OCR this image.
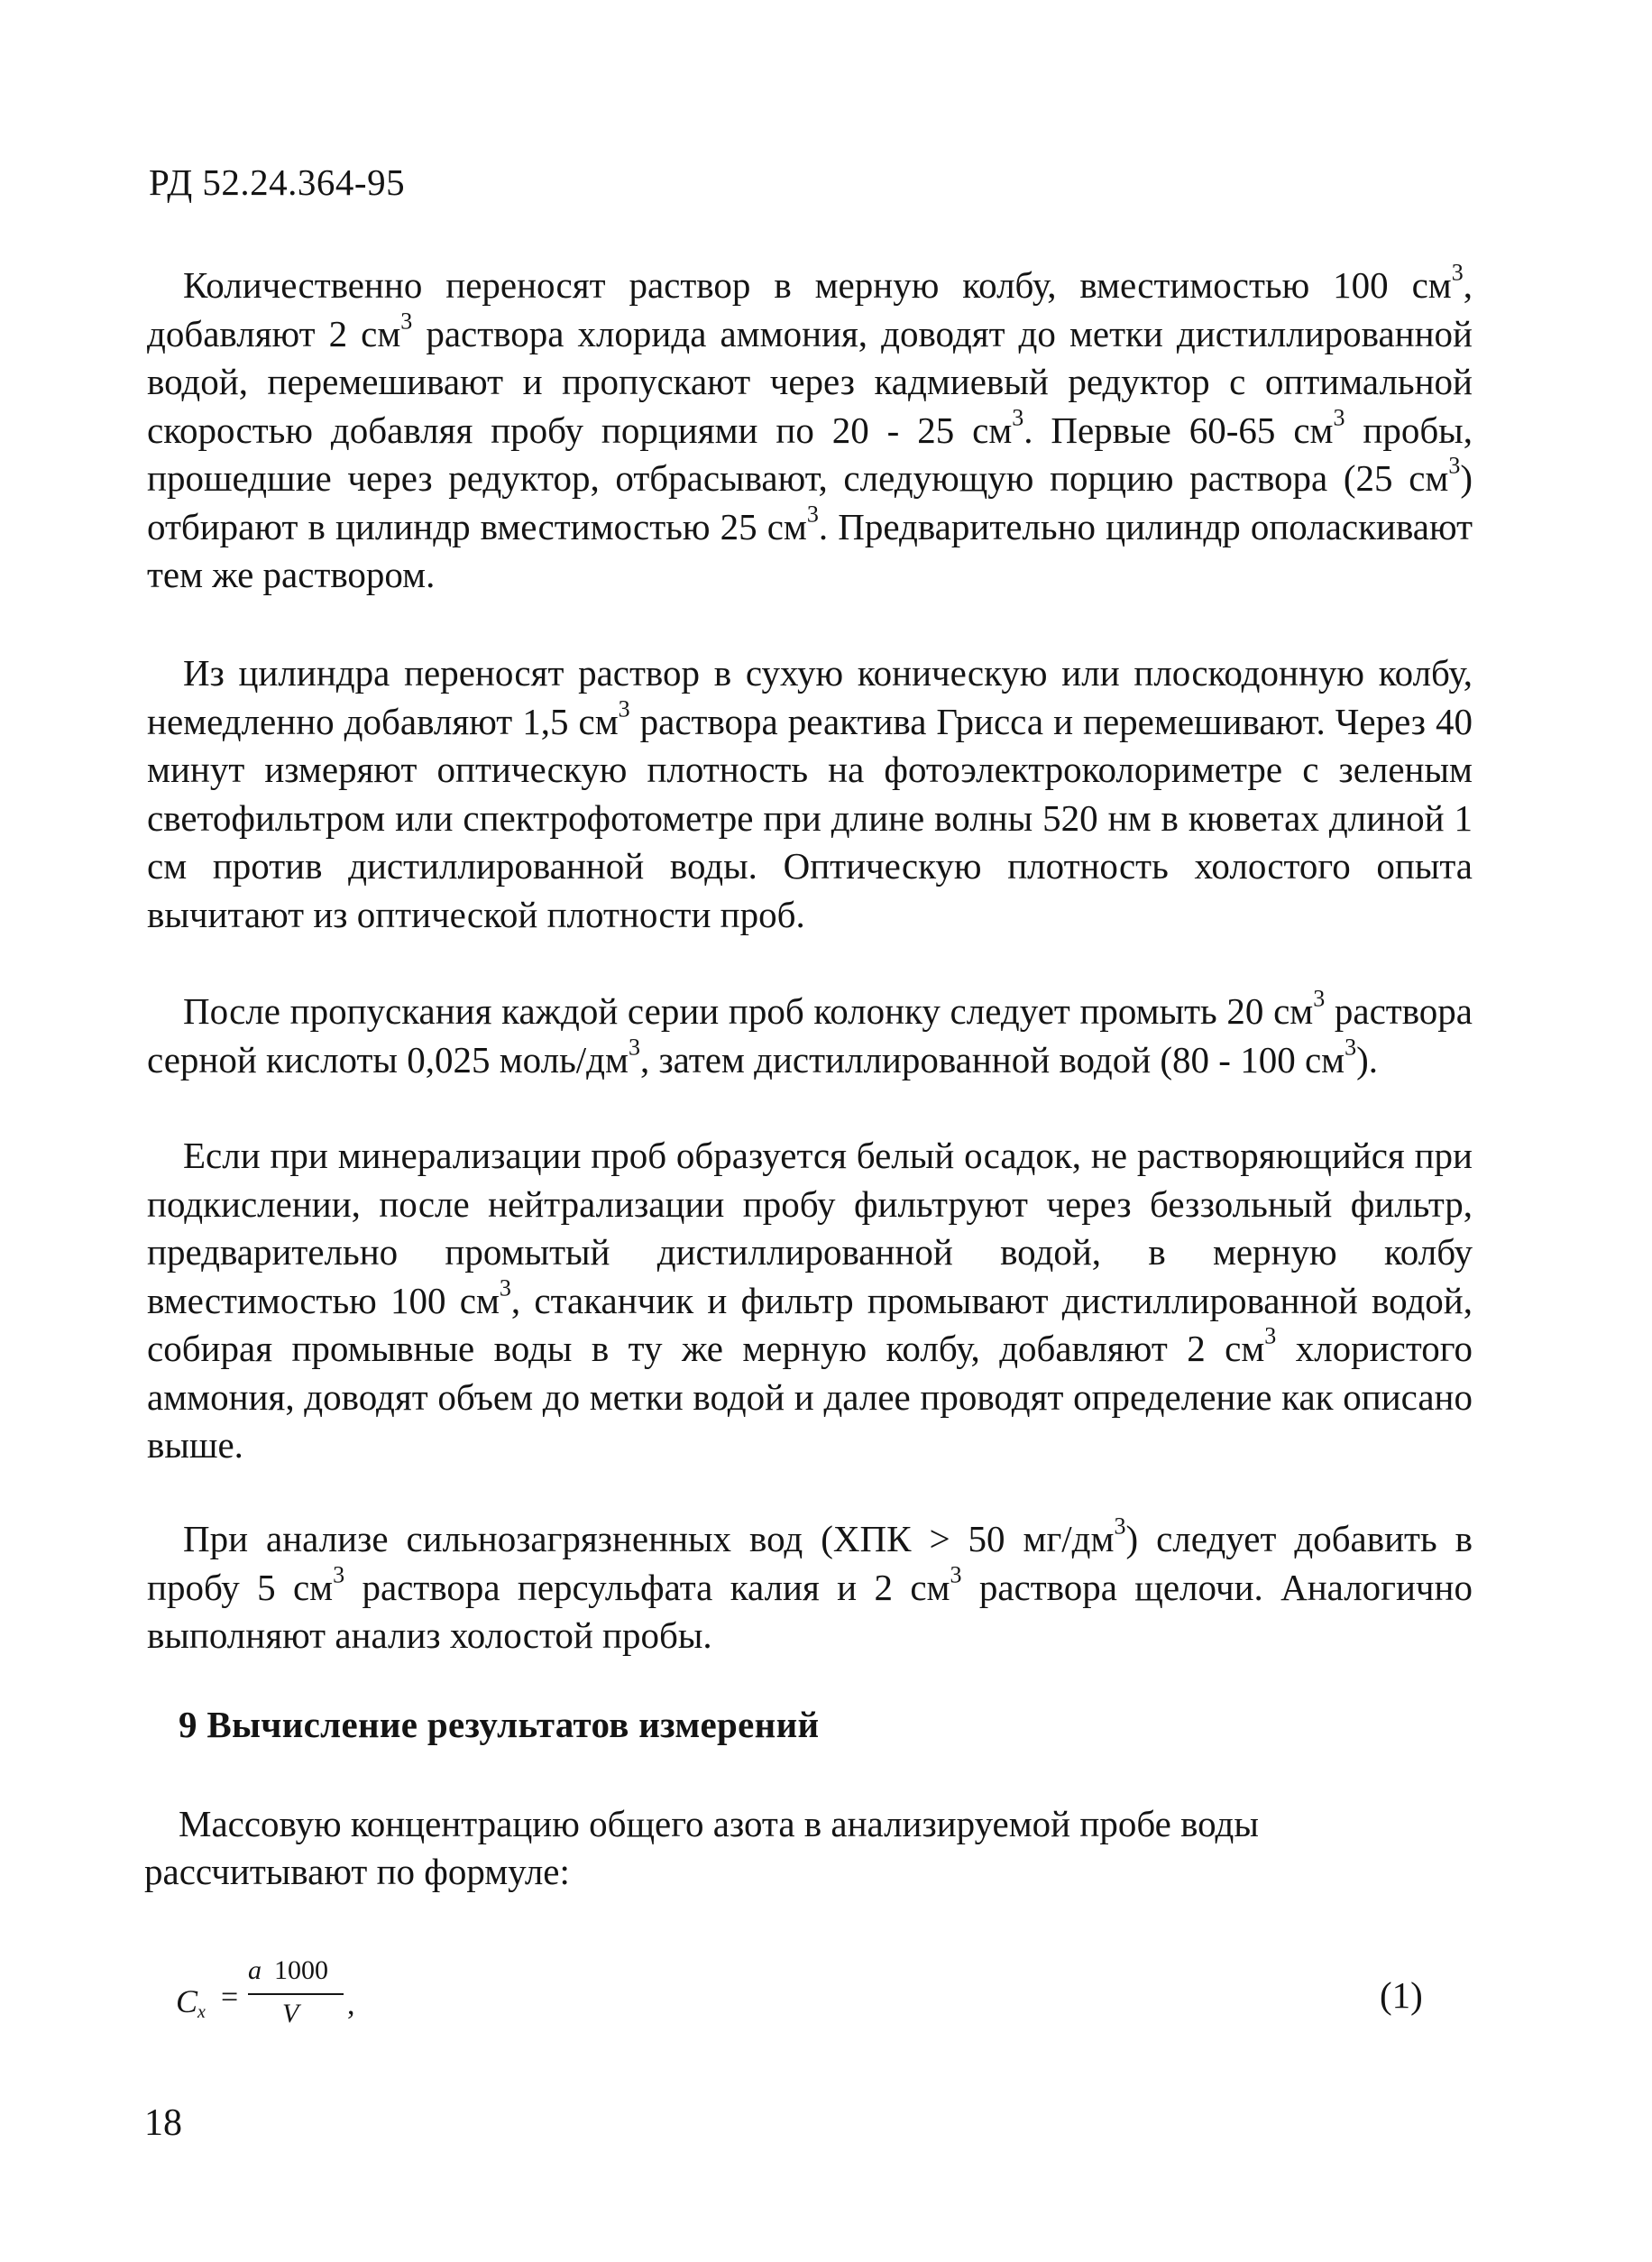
РД 52.24.364-95

Количественно переносят раствор в мерную колбу, вместимостью 100 $см^3$, добавляют 2 $см^3$ раствора хлорида аммония, доводят до метки дистиллированной водой, перемешивают и пропускают через кадмиевый редуктор с оптимальной скоростью добавляя пробу порциями по 20 - 25 $см^3$. Первые 60-65 $см^3$ пробы, прошедшие через редуктор, отбрасывают, следующую порцию раствора (25 $см^3$) отбирают в цилиндр вместимостью 25 $см^3$. Предварительно цилиндр ополаскивают тем же раствором.

Из цилиндра переносят раствор в сухую коническую или плоскодонную колбу, немедленно добавляют 1,5 $см^3$ раствора реактива Грисса и перемешивают. Через 40 минут измеряют оптическую плотность на фотоэлектроколориметре с зеленым светофильтром или спектрофотометре при длине волны 520 нм в кюветах длиной 1 см против дистиллированной воды. Оптическую плотность холостого опыта вычитают из оптической плотности проб.

После пропускания каждой серии проб колонку следует промыть 20 $см^3$ раствора серной кислоты 0,025 моль/$дм^3$, затем дистиллированной водой (80 - 100 $см^3$).

Если при минерализации проб образуется белый осадок, не растворяющийся при подкислении, после нейтрализации пробу фильтруют через беззольный фильтр, предварительно промытый дистиллированной водой, в мерную колбу вместимостью 100 $см^3$, стаканчик и фильтр промывают дистиллированной водой, собирая промывные воды в ту же мерную колбу, добавляют 2 $см^3$ хлористого аммония, доводят объем до метки водой и далее проводят определение как описано выше.

При анализе сильнозагрязненных вод (ХПК > 50 $мг/дм^3$) следует добавить в пробу 5 $см^3$ раствора персульфата калия и 2 $см^3$ раствора щелочи. Аналогично выполняют анализ холостой пробы.

9 Вычисление результатов измерений
Массовую концентрацию общего азота в анализируемой пробе воды
рассчитывают по формуле:
$C_x$ =
a 1000
V ,	(1)
18
